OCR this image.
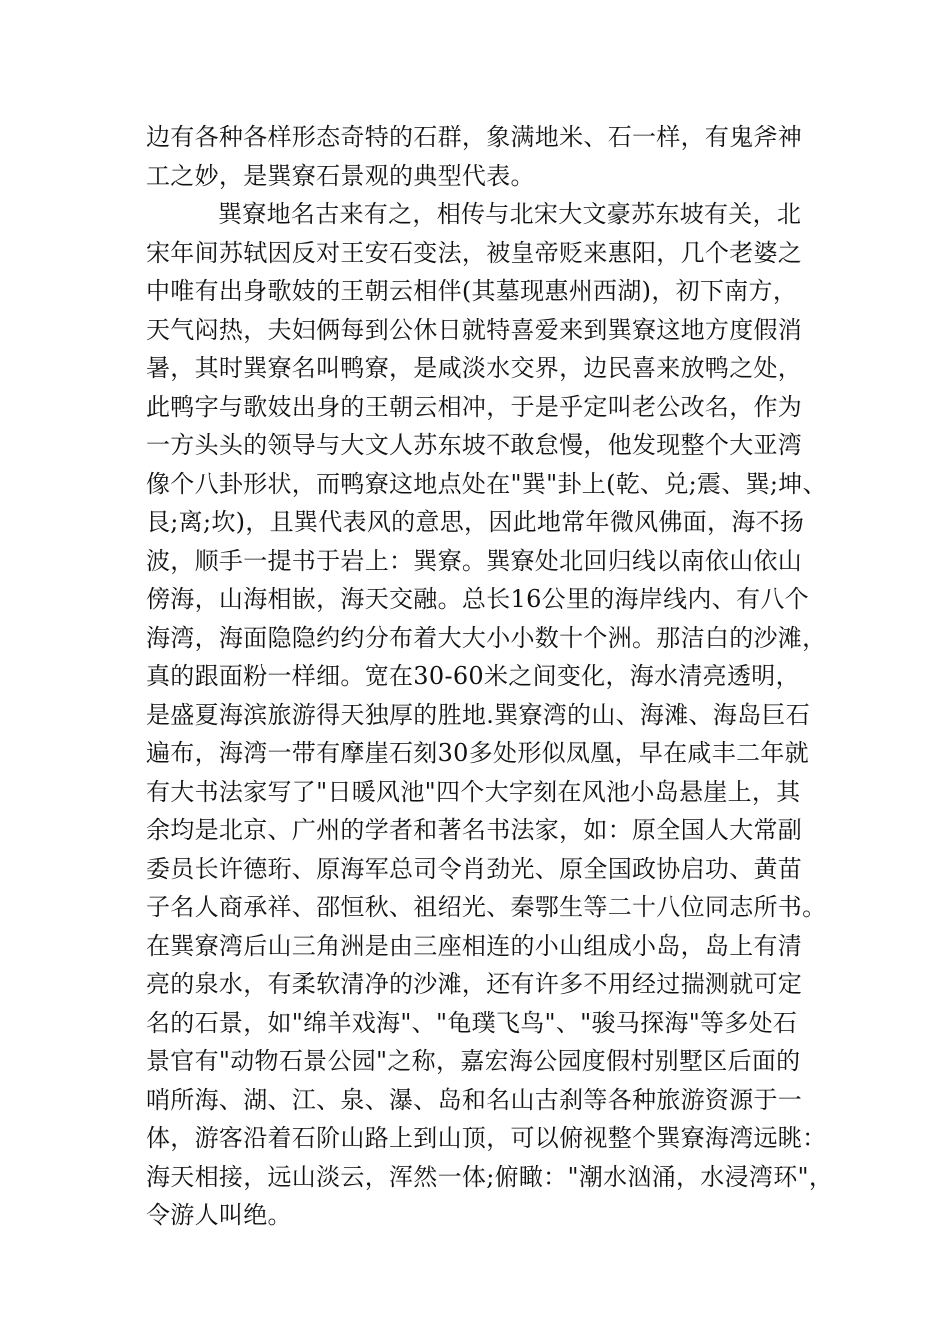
边有各种各样形态奇特的石群，象满地米、石一样，有鬼斧神
工之妙，是巽寮石景观的典型代表。
巽寮地名古来有之，相传与北宋大文豪苏东坡有关，北
宋年间苏轼因反对王安石变法，被皇帝贬来惠阳，几个老婆之
中唯有出身歌妓的王朝云相伴(其墓现惠州西湖)，初下南方，
天气闷热，夫妇俩每到公休日就特喜爱来到巽寮这地方度假消
暑，其时巽寮名叫鸭寮，是咸淡水交界，边民喜来放鸭之处，
此鸭字与歌妓出身的王朝云相冲，于是乎定叫老公改名，作为
一方头头的领导与大文人苏东坡不敢怠慢，他发现整个大亚湾
像个八卦形状，而鸭寮这地点处在"巽"卦上(乾、兑;震、巽;坤、
艮;离;坎)，且巽代表风的意思，因此地常年微风佛面，海不扬
波，顺手一提书于岩上：巽寮。巽寮处北回归线以南依山依山
傍海，山海相嵌，海天交融。总长16公里的海岸线内、有八个
海湾，海面隐隐约约分布着大大小小数十个洲。那洁白的沙滩，
真的跟面粉一样细。宽在30-60米之间变化，海水清亮透明，
是盛夏海滨旅游得天独厚的胜地.巽寮湾的山、海滩、海岛巨石
遍布，海湾一带有摩崖石刻30多处形似凤凰，早在咸丰二年就
有大书法家写了"日暖风池"四个大字刻在风池小岛悬崖上，其
余均是北京、广州的学者和著名书法家，如：原全国人大常副
委员长许德珩、原海军总司令肖劲光、原全国政协启功、黄苗
子名人商承祥、邵恒秋、祖绍光、秦鄂生等二十八位同志所书。
在巽寮湾后山三角洲是由三座相连的小山组成小岛，岛上有清
亮的泉水，有柔软清净的沙滩，还有许多不用经过揣测就可定
名的石景，如"绵羊戏海"、"龟璞飞鸟"、"骏马探海"等多处石
景官有"动物石景公园"之称，嘉宏海公园度假村别墅区后面的
哨所海、湖、江、泉、瀑、岛和名山古刹等各种旅游资源于一
体，游客沿着石阶山路上到山顶，可以俯视整个巽寮海湾远眺：
海天相接，远山淡云，浑然一体;俯瞰："潮水汹涌，水浸湾环"，
令游人叫绝。
